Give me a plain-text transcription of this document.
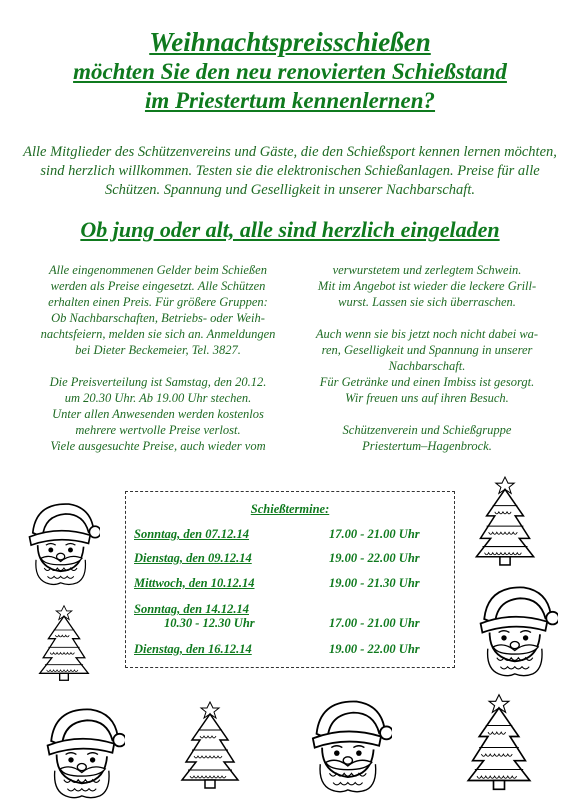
Weihnachtspreisschießen
möchten Sie den neu renovierten Schießstand
im Priestertum kennenlernen?
Alle Mitglieder des Schützenvereins und Gäste, die den Schießsport kennen lernen möchten, sind herzlich willkommen. Testen sie die elektronischen Schießanlagen. Preise für alle Schützen. Spannung und Geselligkeit in unserer Nachbarschaft.
Ob jung oder alt, alle sind herzlich eingeladen

Alle eingenommenen Gelder beim Schießen
werden als Preise eingesetzt. Alle Schützen
erhalten einen Preis. Für größere Gruppen:
Ob Nachbarschaften, Betriebs- oder Weih-
nachtsfeiern, melden sie sich an. Anmeldungen
bei Dieter Beckemeier, Tel. 3827.

Die Preisverteilung ist Samstag, den 20.12.
um 20.30 Uhr. Ab 19.00 Uhr stechen.
Unter allen Anwesenden werden kostenlos
mehrere wertvolle Preise verlost.
Viele ausgesuchte Preise, auch wieder vom

verwurstetem und zerlegtem Schwein.
Mit im Angebot ist wieder die leckere Grill-
wurst. Lassen sie sich überraschen.

Auch wenn sie bis jetzt noch nicht dabei wa-
ren, Geselligkeit und Spannung in unserer
Nachbarschaft.
Für Getränke und einen Imbiss ist gesorgt.
Wir freuen uns auf ihren Besuch.

Schützenverein und Schießgruppe
Priestertum–Hagenbrock.

Schießtermine:
Sonntag, den 07.12.14	17.00 - 21.00 Uhr
Dienstag, den 09.12.14	19.00 - 22.00 Uhr
Mittwoch, den 10.12.14	19.00 - 21.30 Uhr
Sonntag, den 14.12.14
10.30 - 12.30 Uhr	17.00 - 21.00 Uhr
Dienstag, den 16.12.14	19.00 - 22.00 Uhr
